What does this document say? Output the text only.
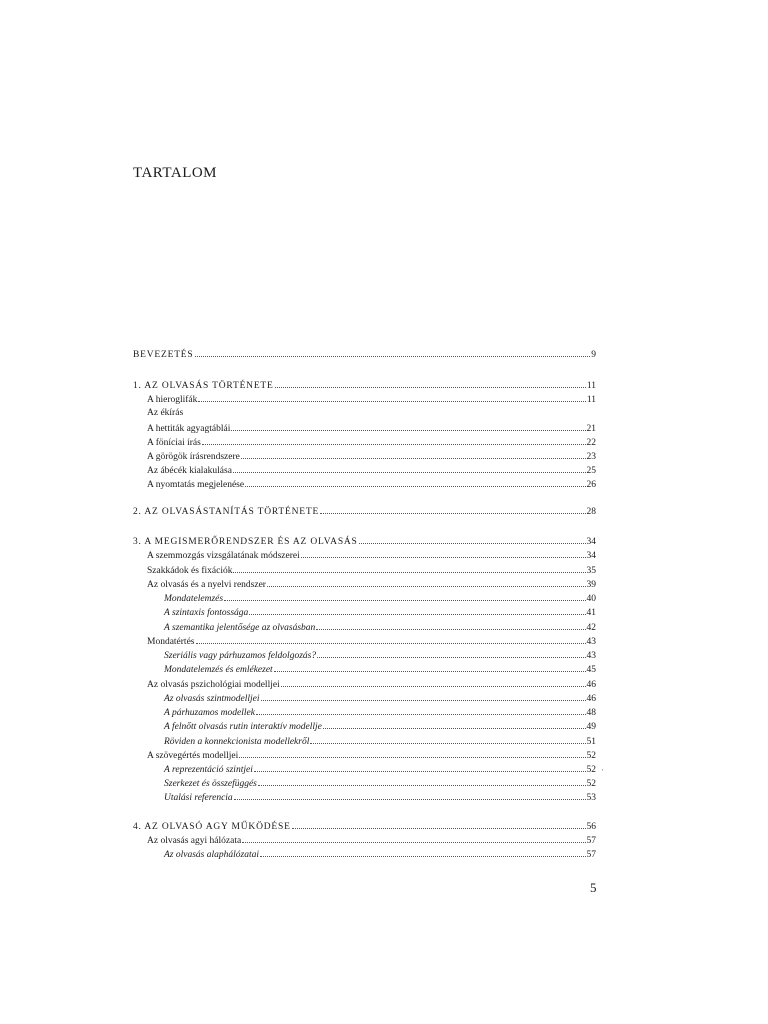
TARTALOM
BEVEZETÉS	9
1. AZ OLVASÁS TÖRTÉNETE	11
A hieroglifák	11
Az ékírás
A hettiták agyagtáblái	21
A föníciai írás	22
A görögök írásrendszere	23
Az ábécék kialakulása	25
A nyomtatás megjelenése	26
2. AZ OLVASÁSTANÍTÁS TÖRTÉNETE	28
3. A MEGISMERŐRENDSZER ÉS AZ OLVASÁS	34
A szemmozgás vizsgálatának módszerei	34
Szakkádok és fixációk	35
Az olvasás és a nyelvi rendszer	39
Mondatelemzés	40
A szintaxis fontossága	41
A szemantika jelentősége az olvasásban	42
Mondatértés	43
Szeriális vagy párhuzamos feldolgozás?	43
Mondatelemzés és emlékezet	45
Az olvasás pszichológiai modelljei	46
Az olvasás szintmodelljei	46
A párhuzamos modellek	48
A felnőtt olvasás rutin interaktív modellje	49
Röviden a konnekcionista modellekről	51
A szövegértés modelljei	52
A reprezentáció szintjei	52
Szerkezet és összefüggés	52
Utalási referencia	53
4. AZ OLVASÓ AGY MŰKÖDÉSE	56
Az olvasás agyi hálózata	57
Az olvasás alaphálózatai	57
'
5
